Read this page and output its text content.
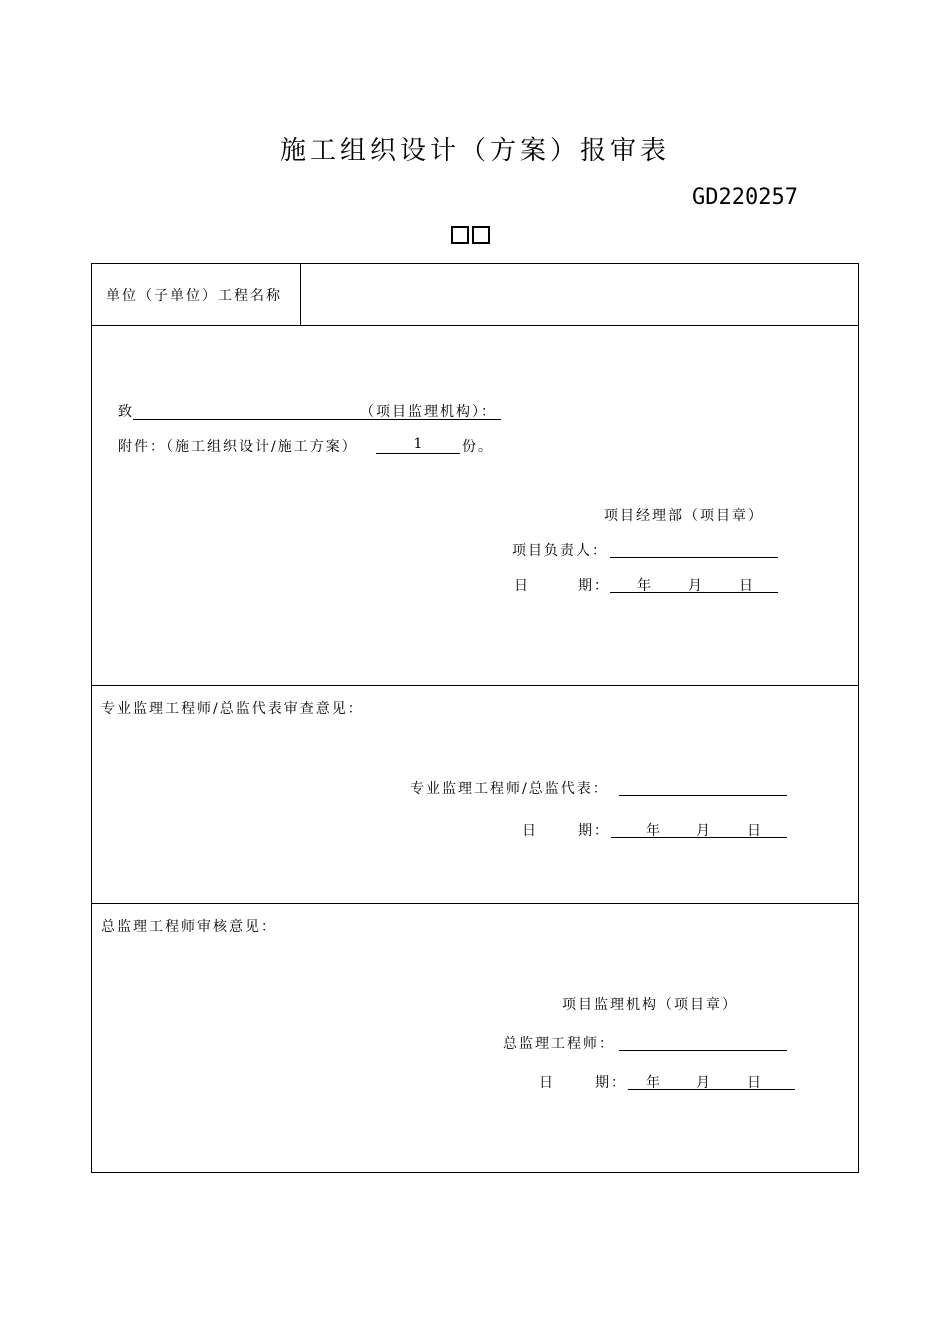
施工组织设计（方案）报审表
GD220257
单位（子单位）工程名称
致	（项目监理机构）：
附件：（施工组织设计/施工方案）	1	份。
项目经理部（项目章）
项目负责人：
日	期： 年	月	日
专业监理工程师/总监代表审查意见：
专业监理工程师/总监代表：
日	期：	年 月	日
总监理工程师审核意见：
项目监理机构（项目章）
总监理工程师：
日	期： 年 月	日
